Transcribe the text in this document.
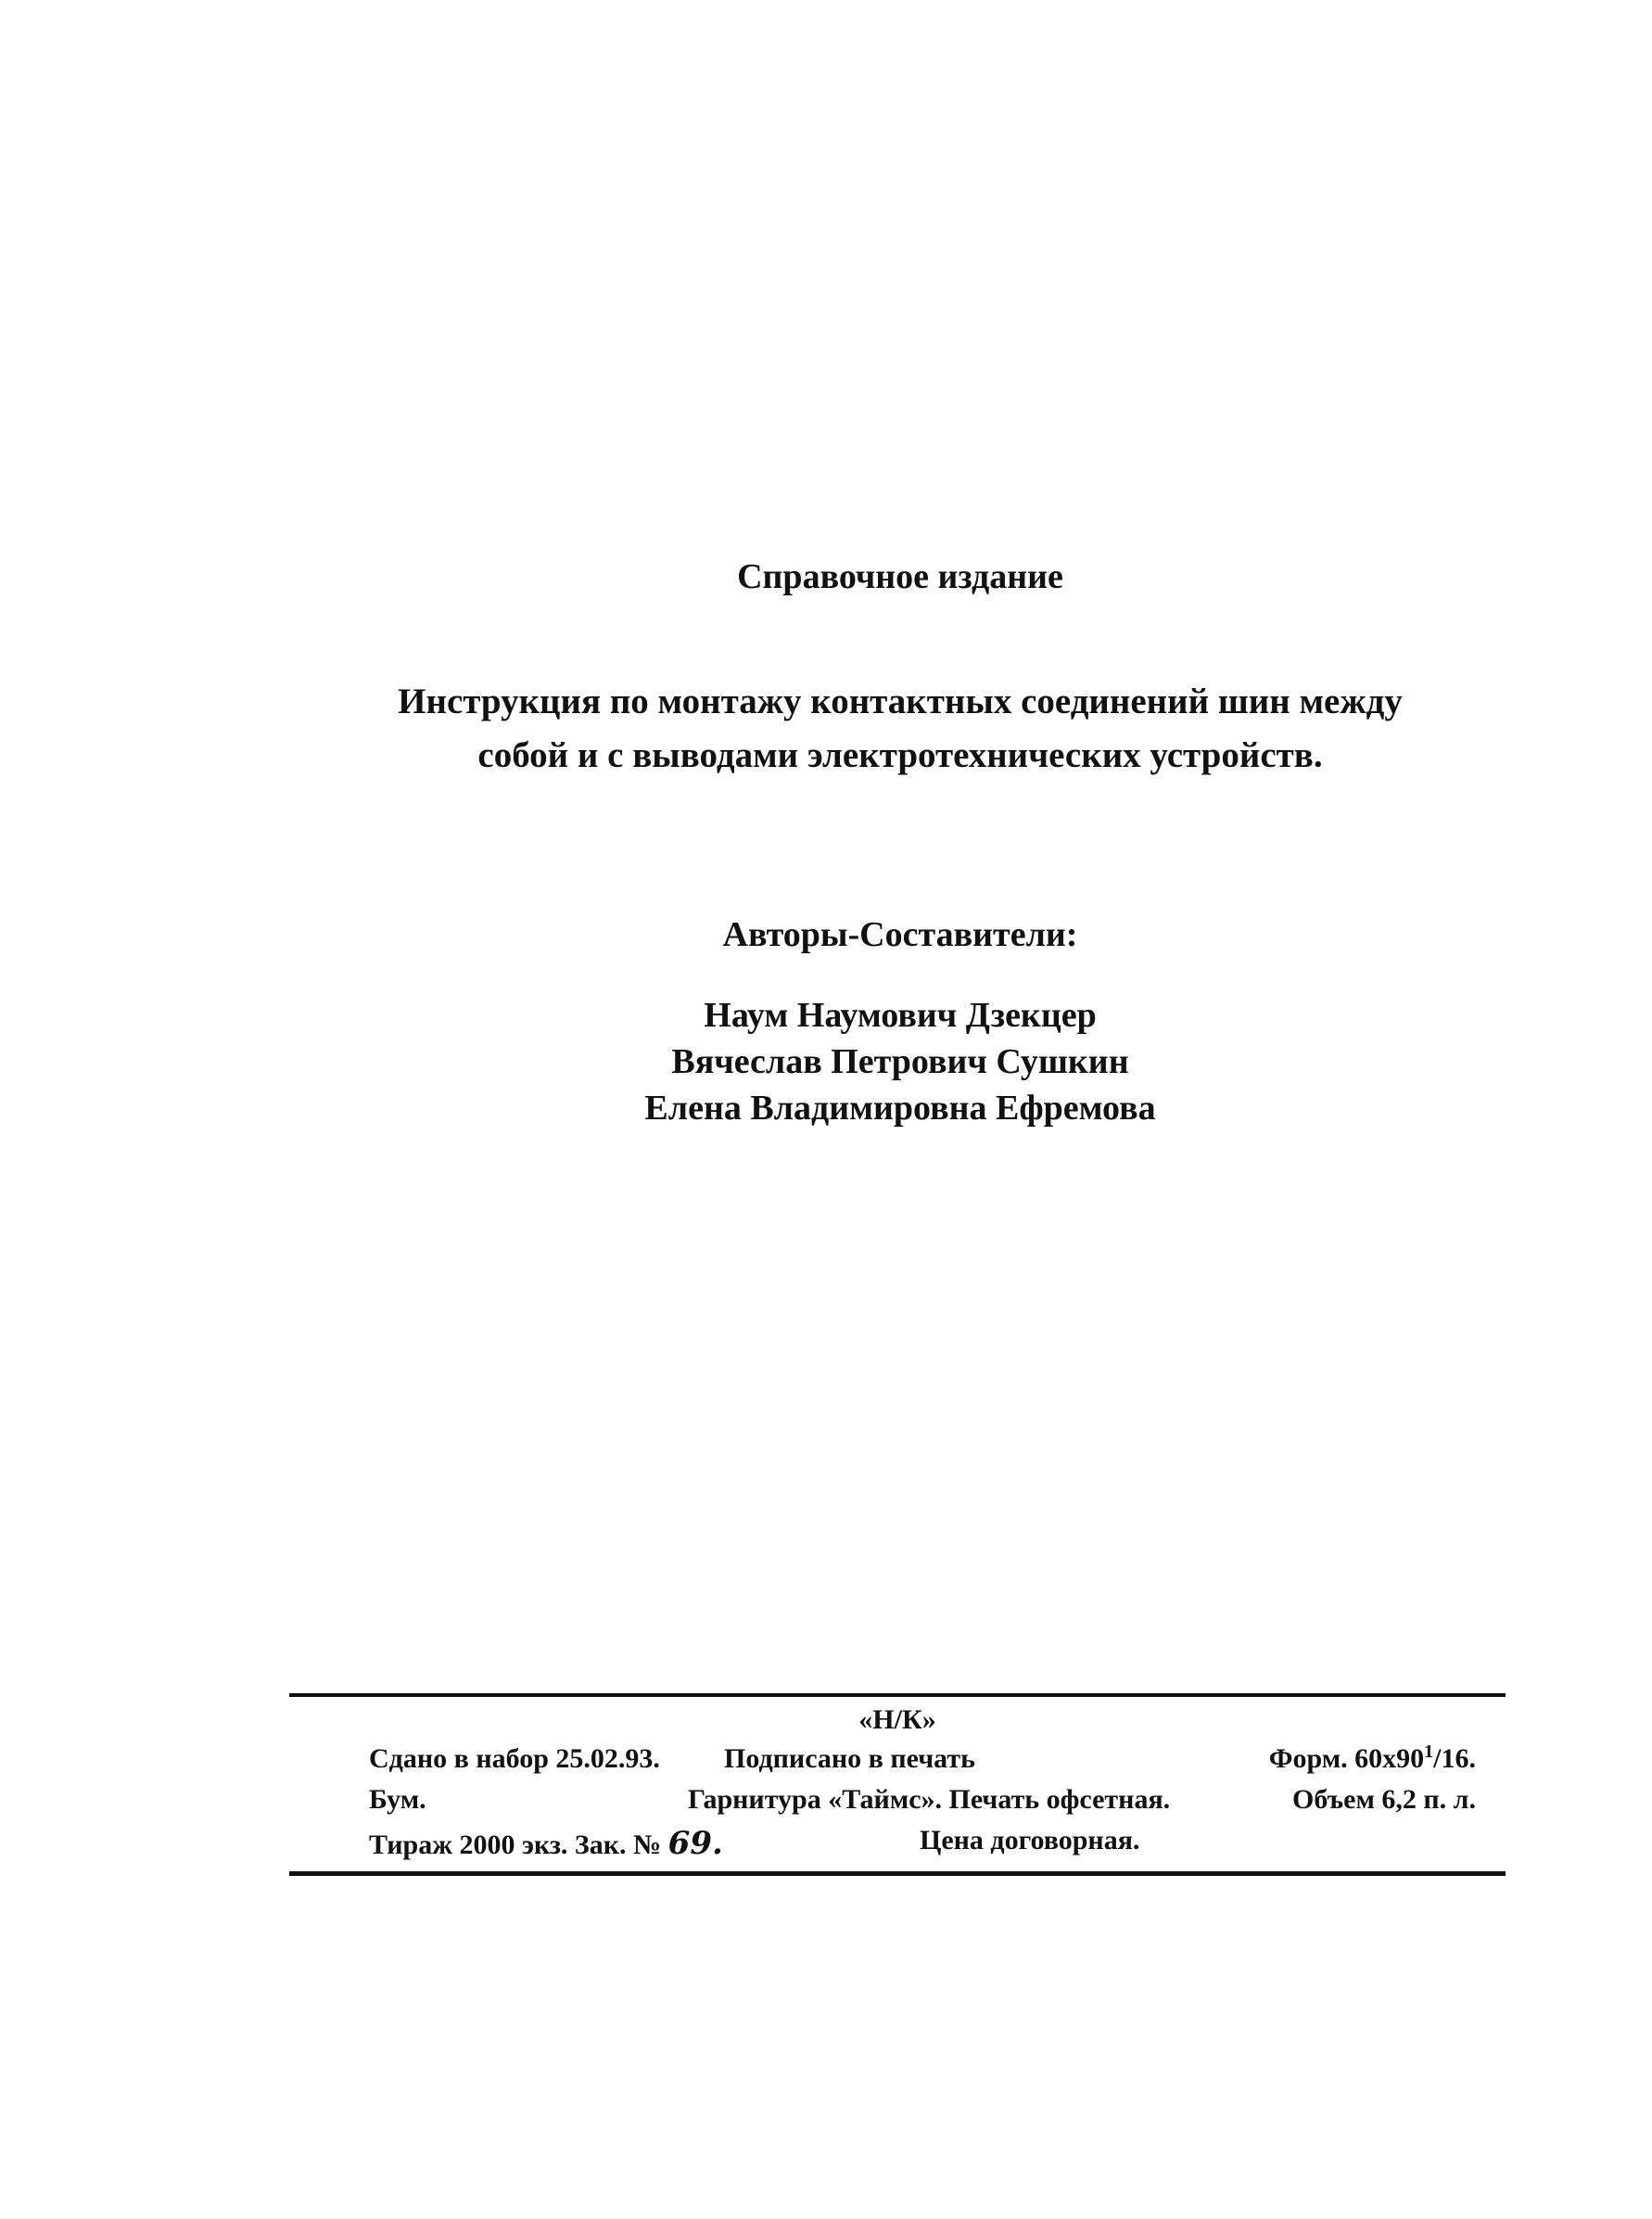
Справочное издание
Инструкция по монтажу контактных соединений шин между
собой и с выводами электротехнических устройств.
Авторы-Составители:
Наум Наумович Дзекцер
Вячеслав Петрович Сушкин
Елена Владимировна Ефремова
«Н/К»
Сдано в набор 25.02.93. Подписано в печать	Форм. $60х90^1/16$.
Бум.	Гарнитура «Таймс». Печать офсетная.	Объем 6,2 п. л.
Тираж 2000 экз. Зак. № 69.	Цена договорная.
